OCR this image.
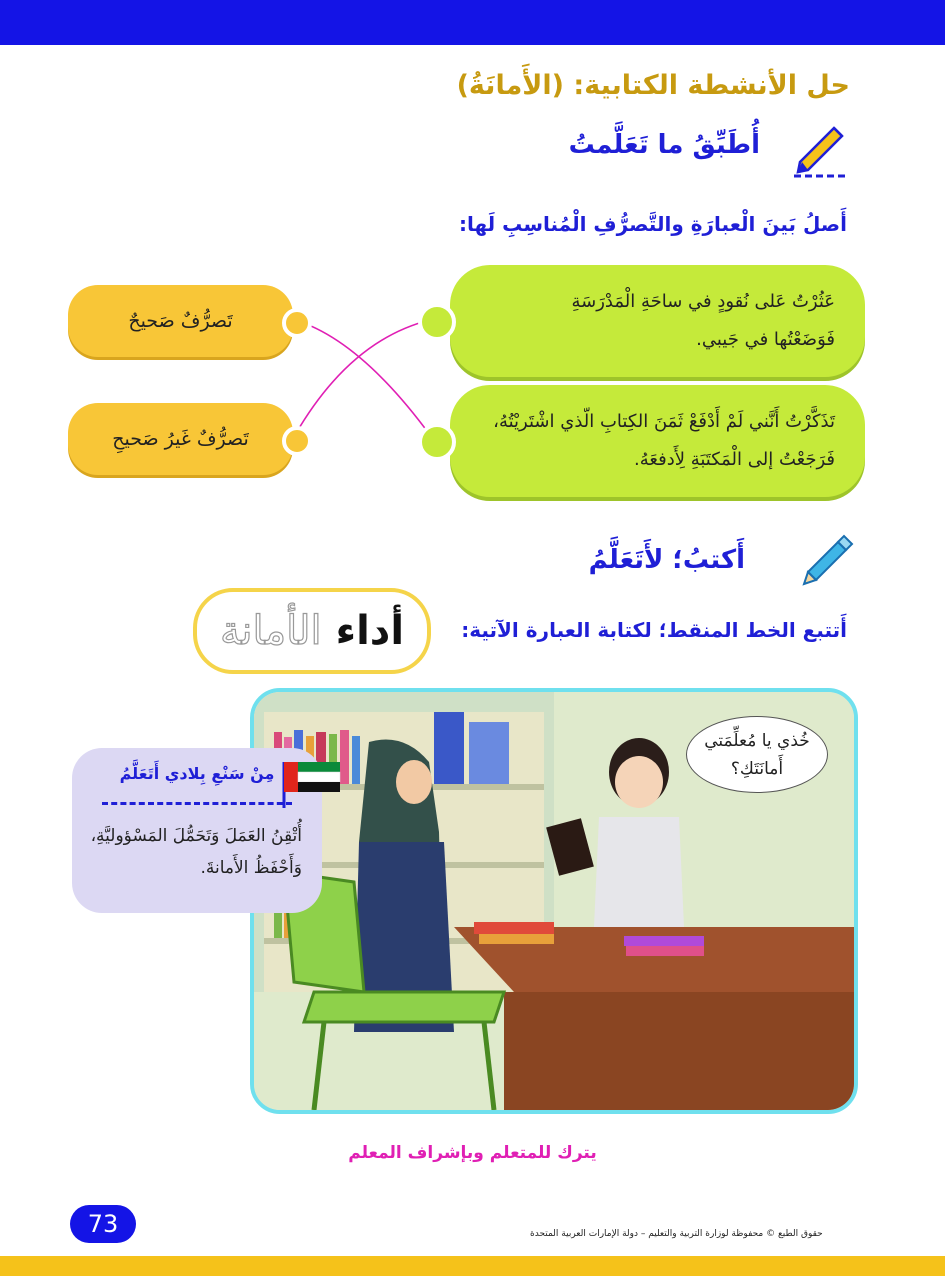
حل الأنشطة الكتابية: (الأَمانَةُ)
أُطَبِّقُ ما تَعَلَّمتُ
أَصلُ بَينَ الْعبارَةِ والتَّصرُّفِ الْمُناسِبِ لَها:
عَثُرْتُ عَلى نُقودٍ في ساحَةِ الْمَدْرَسَةِ فَوَضَعْتُها في جَيبي.
تَذَكَّرْتُ أَنَّني لَمْ أَدْفَعْ ثَمَنَ الكِتابِ الّذي اشْتَريْتُهُ، فَرَجَعْتُ إلى الْمَكتَبَةِ لِأَدفعَهُ.
تَصرُّفٌ صَحيحٌ
تَصرُّفٌ غَيرُ صَحيحِ
أَكتبُ؛ لأَتَعَلَّمُ
أَتتبع الخط المنقط؛ لكتابة العبارة الآتية:
أداء
الأمانة
خُذي يا مُعلِّمَتي أَمانَتَكِ؟
مِنْ سَنْعِ بِلادي أَتَعَلَّمُ
أُتْقِنُ العَمَلَ وَتَحَمُّلَ المَسْؤوليَّةِ، وَأَحْفَظُ الأَمانةَ.
يترك للمتعلم وبإشراف المعلم
73	حقوق الطبع © محفوظة لوزارة التربية والتعليم – دولة الإمارات العربية المتحدة
